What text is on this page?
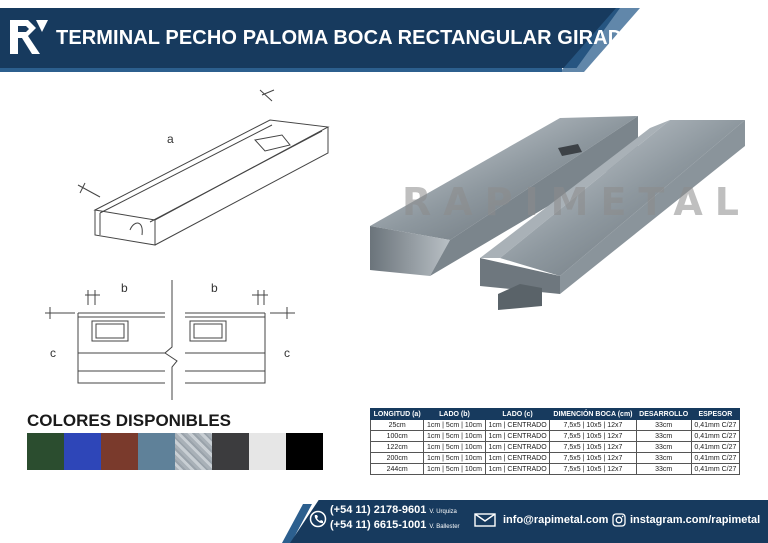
TERMINAL PECHO PALOMA BOCA RECTANGULAR GIRADA
a
b	b
c	c
RAPIMETAL
COLORES DISPONIBLES	LONGITUD (a)	LADO (b)	LADO (c)	DIMENCIÓN BOCA (cm)	DESARROLLO	ESPESOR
25cm	1cm | 5cm | 10cm	1cm | CENTRADO	7,5x5 | 10x5 | 12x7	33cm	0,41mm C/27
100cm	1cm | 5cm | 10cm	1cm | CENTRADO	7,5x5 | 10x5 | 12x7	33cm	0,41mm C/27
122cm	1cm | 5cm | 10cm	1cm | CENTRADO	7,5x5 | 10x5 | 12x7	33cm	0,41mm C/27
200cm	1cm | 5cm | 10cm	1cm | CENTRADO	7,5x5 | 10x5 | 12x7	33cm	0,41mm C/27
244cm	1cm | 5cm | 10cm	1cm | CENTRADO	7,5x5 | 10x5 | 12x7	33cm	0,41mm C/27
(+54 11) 2178-9601 V. Urquiza
(+54 11) 6615-1001 V. Ballester
info@rapimetal.com instagram.com/rapimetal
